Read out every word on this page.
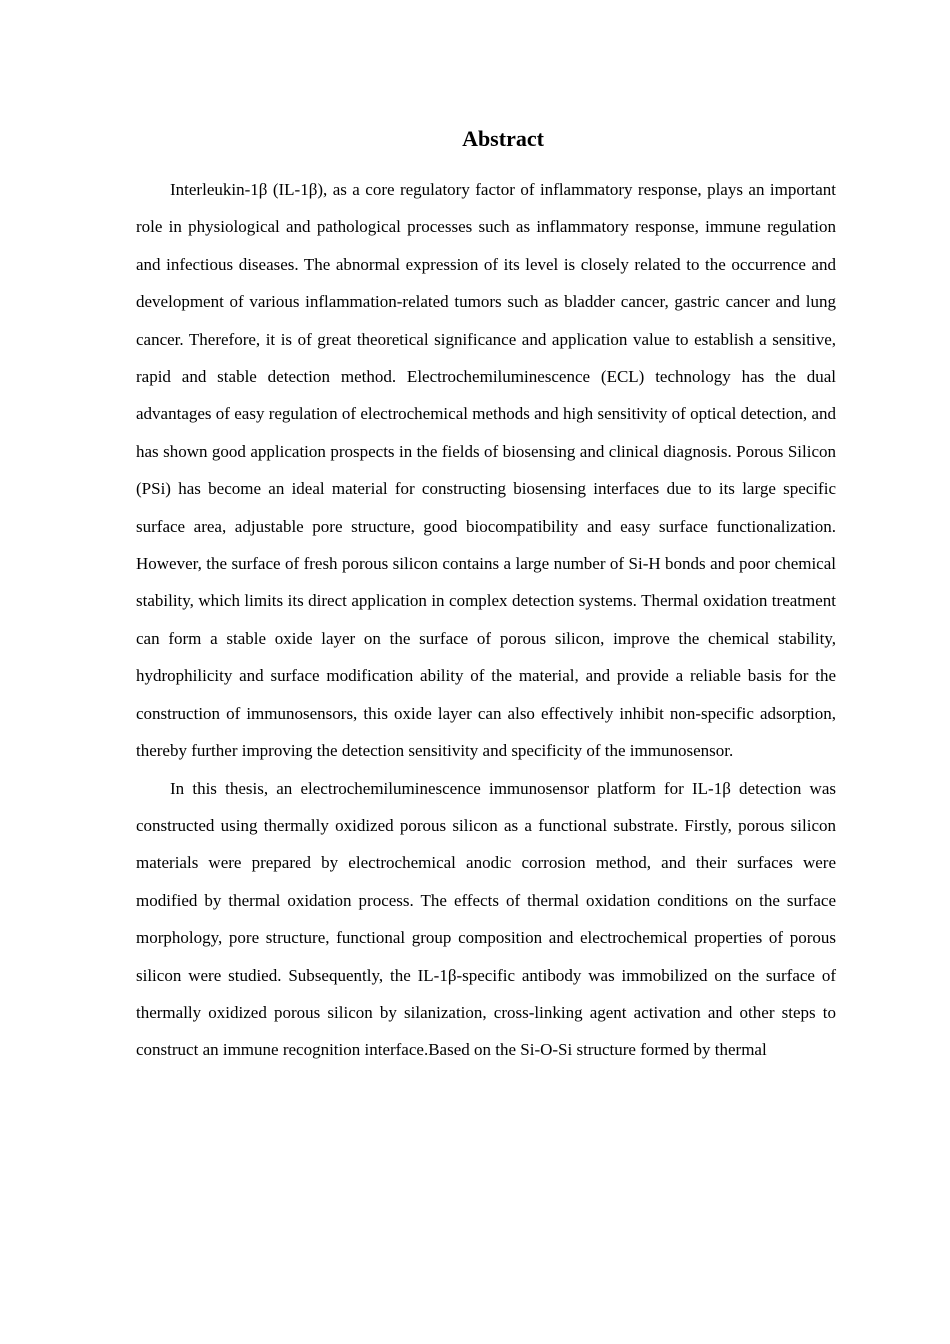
Abstract

Interleukin-1β (IL-1β), as a core regulatory factor of inflammatory response, plays an important role in physiological and pathological processes such as inflammatory response, immune regulation and infectious diseases. The abnormal expression of its level is closely related to the occurrence and development of various inflammation-related tumors such as bladder cancer, gastric cancer and lung cancer. Therefore, it is of great theoretical significance and application value to establish a sensitive, rapid and stable detection method. Electrochemiluminescence (ECL) technology has the dual advantages of easy regulation of electrochemical methods and high sensitivity of optical detection, and has shown good application prospects in the fields of biosensing and clinical diagnosis. Porous Silicon (PSi) has become an ideal material for constructing biosensing interfaces due to its large specific surface area, adjustable pore structure, good biocompatibility and easy surface functionalization. However, the surface of fresh porous silicon contains a large number of Si-H bonds and poor chemical stability, which limits its direct application in complex detection systems. Thermal oxidation treatment can form a stable oxide layer on the surface of porous silicon, improve the chemical stability, hydrophilicity and surface modification ability of the material, and provide a reliable basis for the construction of immunosensors, this oxide layer can also effectively inhibit non-specific adsorption, thereby further improving the detection sensitivity and specificity of the immunosensor.

In this thesis, an electrochemiluminescence immunosensor platform for IL-1β detection was constructed using thermally oxidized porous silicon as a functional substrate. Firstly, porous silicon materials were prepared by electrochemical anodic corrosion method, and their surfaces were modified by thermal oxidation process. The effects of thermal oxidation conditions on the surface morphology, pore structure, functional group composition and electrochemical properties of porous silicon were studied. Subsequently, the IL-1β-specific antibody was immobilized on the surface of thermally oxidized porous silicon by silanization, cross-linking agent activation and other steps to construct an immune recognition interface.Based on the Si-O-Si structure formed by thermal
